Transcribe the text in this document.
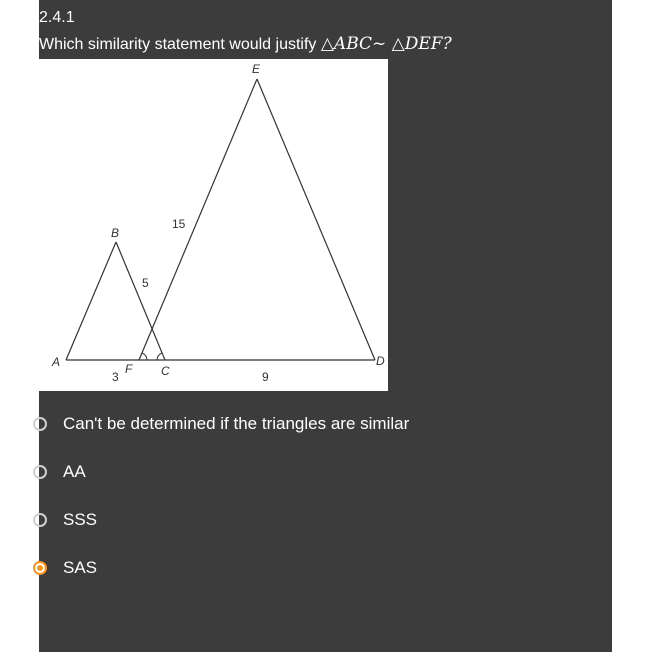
2.4.1
Which similarity statement would justify △ABC~ △DEF?
A
B
C
D
E
F
3
5
15
9
Can't be determined if the triangles are similar
AA
SSS
SAS
